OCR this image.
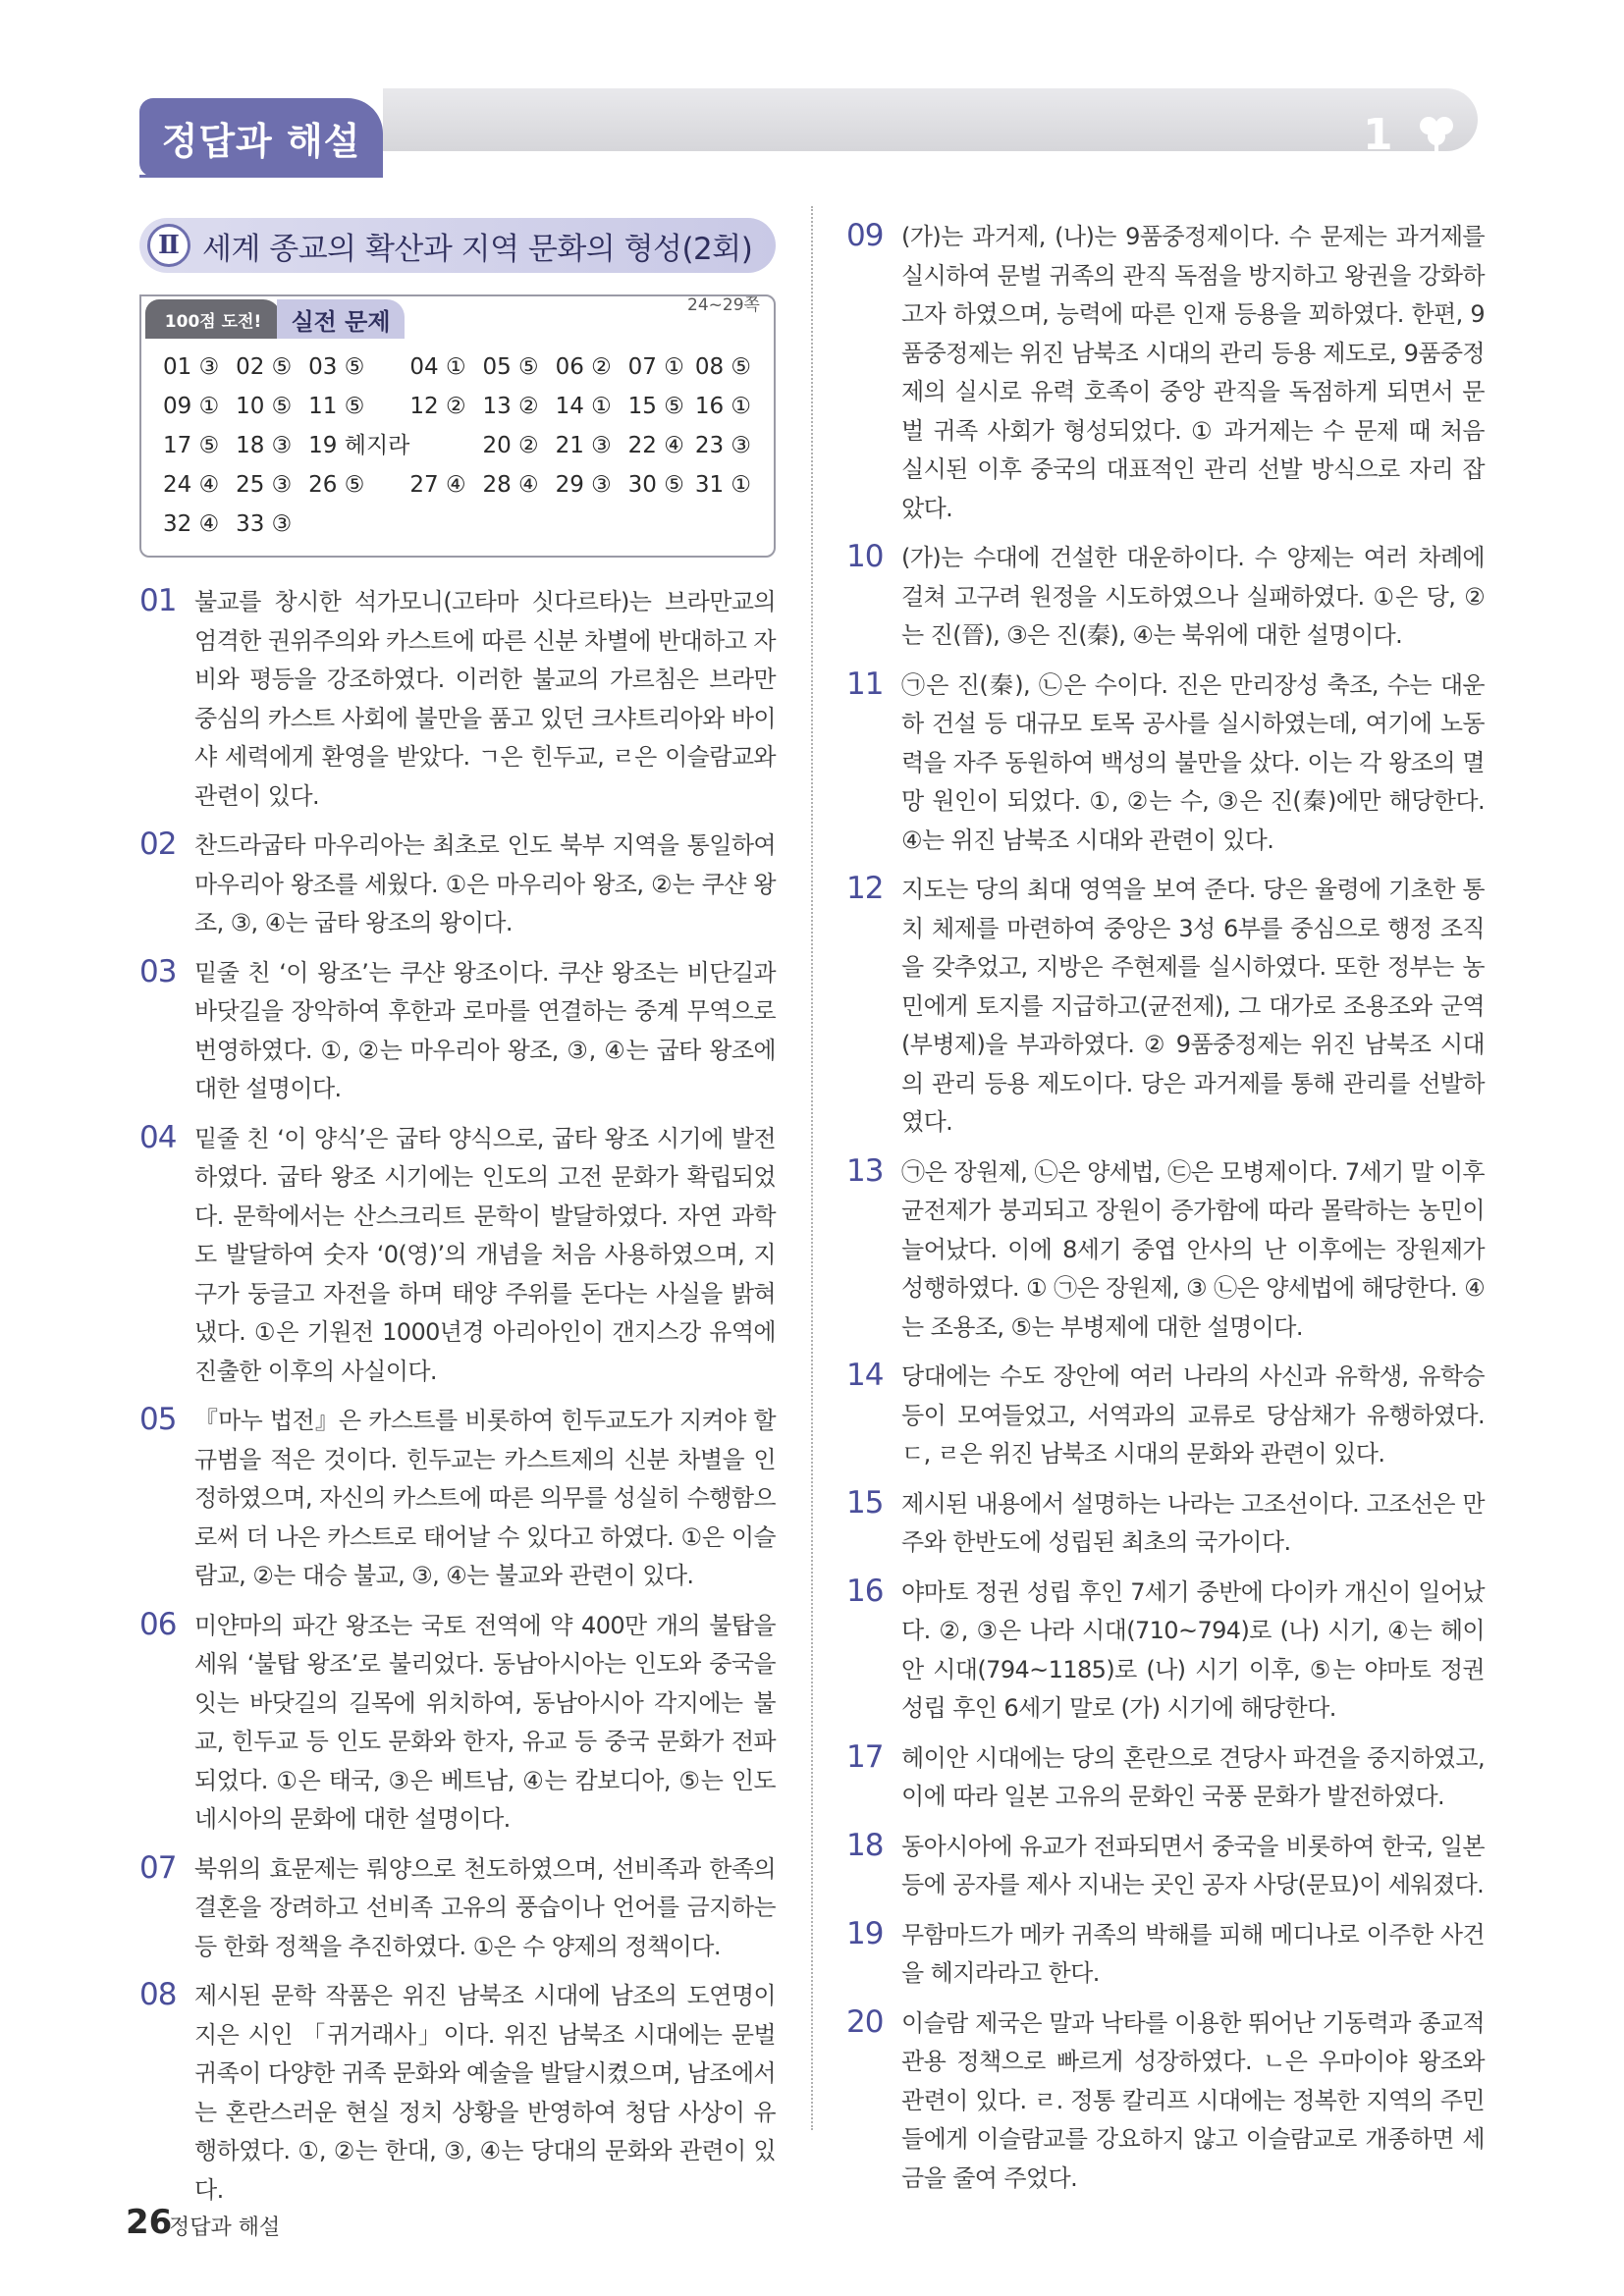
정답과 해설	1
Ⅱ 세계 종교의 확산과 지역 문화의 형성(2회)
100점 도전!	실전 문제
24~29쪽
01 ③ 02 ⑤ 03 ⑤	04 ① 05 ⑤ 06 ② 07 ① 08 ⑤
09 ① 10 ⑤ 11 ⑤	12 ② 13 ② 14 ① 15 ⑤ 16 ①
17 ⑤ 18 ③ 19 헤지라	20 ② 21 ③ 22 ④ 23 ③
24 ④ 25 ③ 26 ⑤	27 ④ 28 ④ 29 ③ 30 ⑤ 31 ①
32 ④ 33 ③
01 불교를 창시한 석가모니(고타마 싯다르타)는 브라만교의 엄격한 권위주의와 카스트에 따른 신분 차별에 반대하고 자비와 평등을 강조하였다. 이러한 불교의 가르침은 브라만 중심의 카스트 사회에 불만을 품고 있던 크샤트리아와 바이샤 세력에게 환영을 받았다. ㄱ은 힌두교, ㄹ은 이슬람교와 관련이 있다.
02 찬드라굽타 마우리아는 최초로 인도 북부 지역을 통일하여 마우리아 왕조를 세웠다. ①은 마우리아 왕조, ②는 쿠샨 왕조, ③, ④는 굽타 왕조의 왕이다.
03 밑줄 친 ‘이 왕조’는 쿠샨 왕조이다. 쿠샨 왕조는 비단길과 바닷길을 장악하여 후한과 로마를 연결하는 중계 무역으로 번영하였다. ①, ②는 마우리아 왕조, ③, ④는 굽타 왕조에 대한 설명이다.
04 밑줄 친 ‘이 양식’은 굽타 양식으로, 굽타 왕조 시기에 발전하였다. 굽타 왕조 시기에는 인도의 고전 문화가 확립되었다. 문학에서는 산스크리트 문학이 발달하였다. 자연 과학도 발달하여 숫자 ‘0(영)’의 개념을 처음 사용하였으며, 지구가 둥글고 자전을 하며 태양 주위를 돈다는 사실을 밝혀냈다. ①은 기원전 1000년경 아리아인이 갠지스강 유역에 진출한 이후의 사실이다.
05 『마누 법전』은 카스트를 비롯하여 힌두교도가 지켜야 할 규범을 적은 것이다. 힌두교는 카스트제의 신분 차별을 인정하였으며, 자신의 카스트에 따른 의무를 성실히 수행함으로써 더 나은 카스트로 태어날 수 있다고 하였다. ①은 이슬람교, ②는 대승 불교, ③, ④는 불교와 관련이 있다.
06 미얀마의 파간 왕조는 국토 전역에 약 400만 개의 불탑을 세워 ‘불탑 왕조’로 불리었다. 동남아시아는 인도와 중국을 잇는 바닷길의 길목에 위치하여, 동남아시아 각지에는 불교, 힌두교 등 인도 문화와 한자, 유교 등 중국 문화가 전파되었다. ①은 태국, ③은 베트남, ④는 캄보디아, ⑤는 인도네시아의 문화에 대한 설명이다.
07 북위의 효문제는 뤄양으로 천도하였으며, 선비족과 한족의 결혼을 장려하고 선비족 고유의 풍습이나 언어를 금지하는 등 한화 정책을 추진하였다. ①은 수 양제의 정책이다.
08 제시된 문학 작품은 위진 남북조 시대에 남조의 도연명이 지은 시인 「귀거래사」이다. 위진 남북조 시대에는 문벌 귀족이 다양한 귀족 문화와 예술을 발달시켰으며, 남조에서는 혼란스러운 현실 정치 상황을 반영하여 청담 사상이 유행하였다. ①, ②는 한대, ③, ④는 당대의 문화와 관련이 있다.
09 (가)는 과거제, (나)는 9품중정제이다. 수 문제는 과거제를 실시하여 문벌 귀족의 관직 독점을 방지하고 왕권을 강화하고자 하였으며, 능력에 따른 인재 등용을 꾀하였다. 한편, 9품중정제는 위진 남북조 시대의 관리 등용 제도로, 9품중정제의 실시로 유력 호족이 중앙 관직을 독점하게 되면서 문벌 귀족 사회가 형성되었다. ① 과거제는 수 문제 때 처음 실시된 이후 중국의 대표적인 관리 선발 방식으로 자리 잡았다.
10 (가)는 수대에 건설한 대운하이다. 수 양제는 여러 차례에 걸쳐 고구려 원정을 시도하였으나 실패하였다. ①은 당, ②는 진(晉), ③은 진(秦), ④는 북위에 대한 설명이다.
11 ㉠은 진(秦), ㉡은 수이다. 진은 만리장성 축조, 수는 대운하 건설 등 대규모 토목 공사를 실시하였는데, 여기에 노동력을 자주 동원하여 백성의 불만을 샀다. 이는 각 왕조의 멸망 원인이 되었다. ①, ②는 수, ③은 진(秦)에만 해당한다. ④는 위진 남북조 시대와 관련이 있다.
12 지도는 당의 최대 영역을 보여 준다. 당은 율령에 기초한 통치 체제를 마련하여 중앙은 3성 6부를 중심으로 행정 조직을 갖추었고, 지방은 주현제를 실시하였다. 또한 정부는 농민에게 토지를 지급하고(균전제), 그 대가로 조용조와 군역(부병제)을 부과하였다. ② 9품중정제는 위진 남북조 시대의 관리 등용 제도이다. 당은 과거제를 통해 관리를 선발하였다.
13 ㉠은 장원제, ㉡은 양세법, ㉢은 모병제이다. 7세기 말 이후 균전제가 붕괴되고 장원이 증가함에 따라 몰락하는 농민이 늘어났다. 이에 8세기 중엽 안사의 난 이후에는 장원제가 성행하였다. ① ㉠은 장원제, ③ ㉡은 양세법에 해당한다. ④는 조용조, ⑤는 부병제에 대한 설명이다.
14 당대에는 수도 장안에 여러 나라의 사신과 유학생, 유학승 등이 모여들었고, 서역과의 교류로 당삼채가 유행하였다. ㄷ, ㄹ은 위진 남북조 시대의 문화와 관련이 있다.
15 제시된 내용에서 설명하는 나라는 고조선이다. 고조선은 만주와 한반도에 성립된 최초의 국가이다.
16 야마토 정권 성립 후인 7세기 중반에 다이카 개신이 일어났다. ②, ③은 나라 시대(710~794)로 (나) 시기, ④는 헤이안 시대(794~1185)로 (나) 시기 이후, ⑤는 야마토 정권 성립 후인 6세기 말로 (가) 시기에 해당한다.
17 헤이안 시대에는 당의 혼란으로 견당사 파견을 중지하였고, 이에 따라 일본 고유의 문화인 국풍 문화가 발전하였다.
18 동아시아에 유교가 전파되면서 중국을 비롯하여 한국, 일본 등에 공자를 제사 지내는 곳인 공자 사당(문묘)이 세워졌다.
19 무함마드가 메카 귀족의 박해를 피해 메디나로 이주한 사건을 헤지라라고 한다.
20 이슬람 제국은 말과 낙타를 이용한 뛰어난 기동력과 종교적 관용 정책으로 빠르게 성장하였다. ㄴ은 우마이야 왕조와 관련이 있다. ㄹ. 정통 칼리프 시대에는 정복한 지역의 주민들에게 이슬람교를 강요하지 않고 이슬람교로 개종하면 세금을 줄여 주었다.
26
정답과 해설
